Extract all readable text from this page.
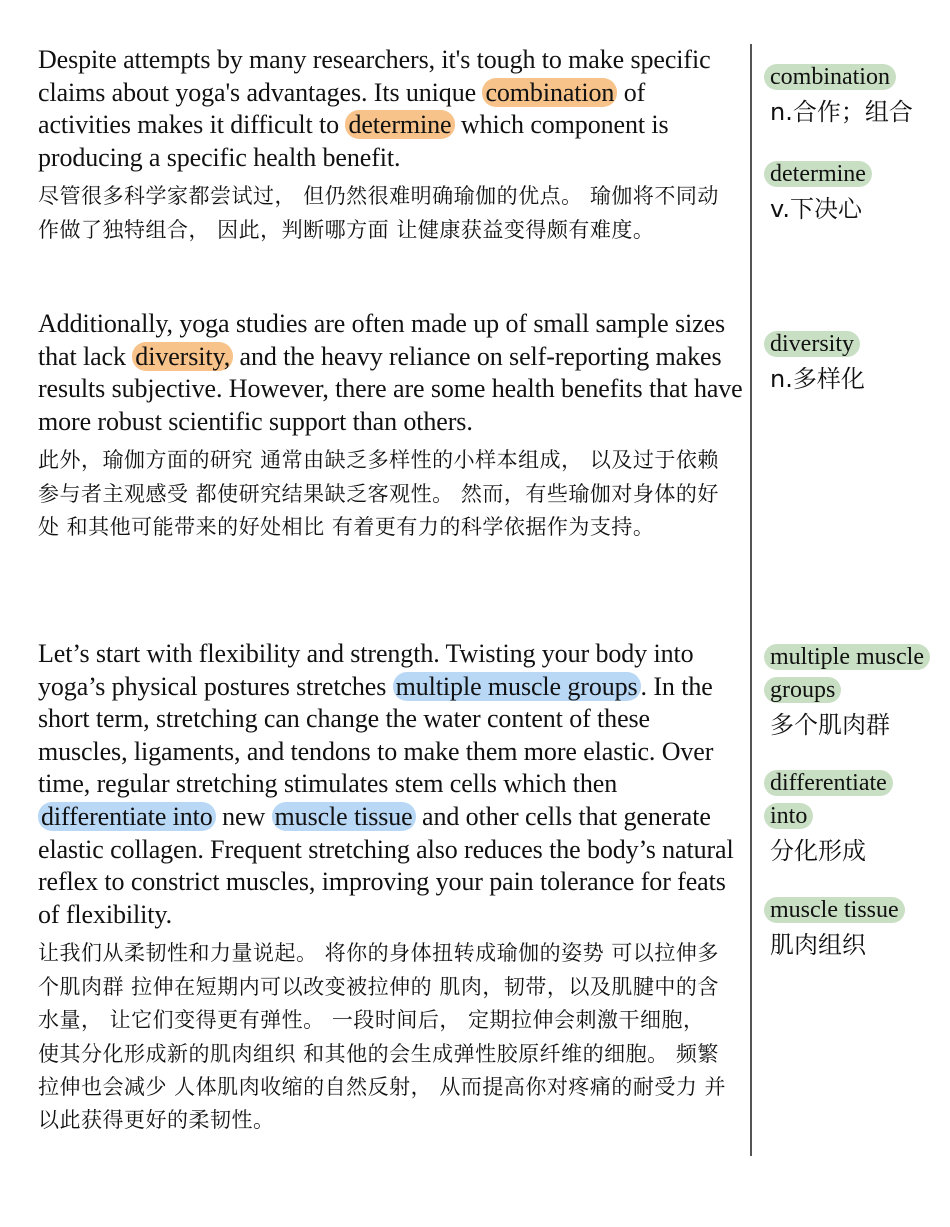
Despite attempts by many researchers, it's tough to make specific claims about yoga's advantages. Its unique combination of activities makes it difficult to determine which component is producing a specific health benefit.

尽管很多科学家都尝试过， 但仍然很难明确瑜伽的优点。 瑜伽将不同动作做了独特组合， 因此，判断哪方面 让健康获益变得颇有难度。

Additionally, yoga studies are often made up of small sample sizes that lack diversity, and the heavy reliance on self-reporting makes results subjective. However, there are some health benefits that have more robust scientific support than others.

此外，瑜伽方面的研究 通常由缺乏多样性的小样本组成， 以及过于依赖参与者主观感受 都使研究结果缺乏客观性。 然而，有些瑜伽对身体的好处 和其他可能带来的好处相比 有着更有力的科学依据作为支持。

Let’s start with flexibility and strength. Twisting your body into yoga’s physical postures stretches multiple muscle groups . In the short term, stretching can change the water content of these muscles, ligaments, and tendons to make them more elastic. Over time, regular stretching stimulates stem cells which then differentiate into new muscle tissue and other cells that generate elastic collagen. Frequent stretching also reduces the body’s natural reflex to constrict muscles, improving your pain tolerance for feats of flexibility.

让我们从柔韧性和力量说起。 将你的身体扭转成瑜伽的姿势 可以拉伸多个肌肉群 拉伸在短期内可以改变被拉伸的 肌肉，韧带，以及肌腱中的含水量， 让它们变得更有弹性。 一段时间后， 定期拉伸会刺激干细胞， 使其分化形成新的肌肉组织 和其他的会生成弹性胶原纤维的细胞。 频繁拉伸也会减少 人体肌肉收缩的自然反射， 从而提高你对疼痛的耐受力 并以此获得更好的柔韧性。
combination
n.合作；组合
determine
v.下决心
diversity
n.多样化
multiple muscle groups
多个肌肉群
differentiate into
分化形成
muscle tissue
肌肉组织
